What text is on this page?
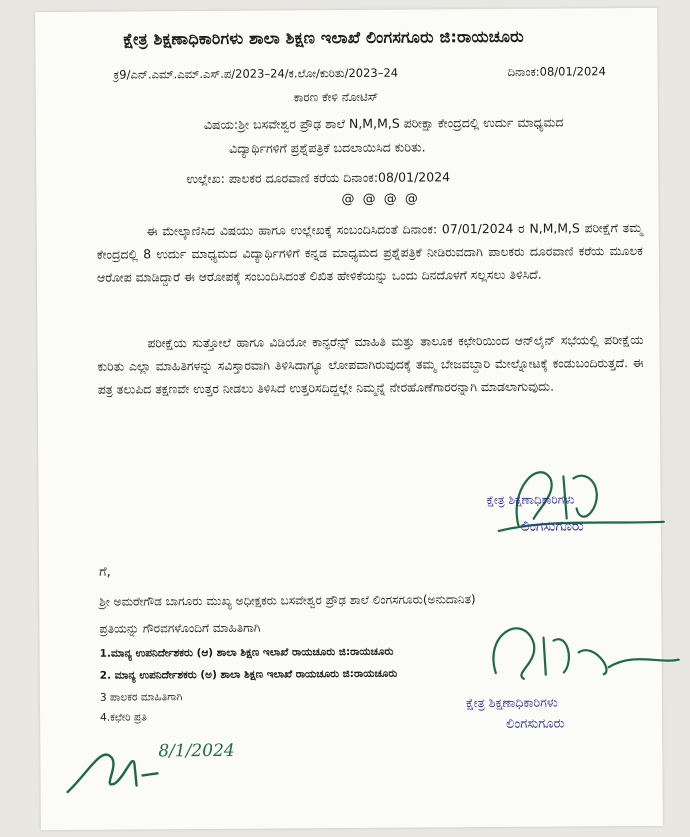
ಕ್ಷೇತ್ರ ಶಿಕ್ಷಣಾಧಿಕಾರಿಗಳು ಶಾಲಾ ಶಿಕ್ಷಣ ಇಲಾಖೆ ಲಿಂಗಸಗೂರು ಜಿ:ರಾಯಚೂರು
ಕ್ರ9/ಎನ್.ಎಮ್.ಎಮ್.ಎಸ್.ಪ/2023–24/ಕ.ಲೋ/ಕುರಿತು/2023–24	ದಿನಾಂಕ:08/01/2024
ಕಾರಣ ಕೇಳಿ ನೋಟಿಸ್
ವಿಷಯ:ಶ್ರೀ ಬಸವೇಶ್ವರ ಪ್ರೌಢ ಶಾಲೆ N,M,M,S ಪರೀಕ್ಷಾ ಕೇಂದ್ರದಲ್ಲಿ ಉರ್ದು ಮಾಧ್ಯಮದ
ವಿದ್ಯಾರ್ಥಿಗಳಿಗೆ ಪ್ರಶ್ನೆಪತ್ರಿಕೆ ಬದಲಾಯಿಸಿದ ಕುರಿತು.
ಉಲ್ಲೇಖ: ಪಾಲಕರ ದೂರವಾಣಿ ಕರೆಯ ದಿನಾಂಕ:08/01/2024
@ @ @ @
ಈ ಮೇಲ್ಕಾಣಿಸಿದ ವಿಷಯು ಹಾಗೂ ಉಲ್ಲೇಖಕ್ಕೆ ಸಂಬಂದಿಸಿದಂತೆ ದಿನಾಂಕ: 07/01/2024 ರ N,M,M,S ಪರೀಕ್ಷೆಗೆ ತಮ್ಮ ಕೇಂದ್ರದಲ್ಲಿ 8 ಉರ್ದು ಮಾಧ್ಯಮದ ವಿದ್ಯಾರ್ಥಿಗಳಿಗೆ ಕನ್ನಡ ಮಾಧ್ಯಮದ ಪ್ರಶ್ನೆಪತ್ರಿಕೆ ನೀಡಿರುವದಾಗಿ ಪಾಲಕರು ದೂರವಾಣಿ ಕರೆಯ ಮೂಲಕ ಆರೋಪ ಮಾಡಿದ್ದಾರೆ ಈ ಆರೋಪಕ್ಕೆ ಸಂಬಂದಿಸಿದಂತೆ ಲಿಖಿತ ಹೇಳಿಕೆಯನ್ನು ಒಂದು ದಿನದೊಳಗೆ ಸಲ್ಲಸಲು ತಿಳಿಸಿದೆ.
ಪರೀಕ್ಷೆಯ ಸುತ್ತೋಲೆ ಹಾಗೂ ವಿಡಿಯೋ ಕಾನ್ಫರೆನ್ಸ್ ಮಾಹಿತಿ ಮತ್ತು ತಾಲೂಕ ಕಛೇರಿಯಿಂದ ಆನ್‌ಲೈನ್ ಸಭೆಯಲ್ಲಿ ಪರೀಕ್ಷೆಯ ಕುರಿತು ಎಲ್ಲಾ ಮಾಹಿತಿಗಳನ್ನು ಸವಿಸ್ತಾರವಾಗಿ ತಿಳಿಸಿದಾಗ್ಯೂ ಲೋಪವಾಗಿರುವುದಕ್ಕೆ ತಮ್ಮ ಬೇಜವಬ್ದಾರಿ ಮೇಲ್ನೋಟಕ್ಕೆ ಕಂಡುಬಂದಿರುತ್ತದೆ. ಈ ಪತ್ರ ತಲುಪಿದ ತಕ್ಷಣವೇ ಉತ್ತರ ನೀಡಲು ತಿಳಿಸಿದೆ ಉತ್ತರಿಸದಿದ್ದಲ್ಲೇ ನಿಮ್ಮನ್ನೆ ನೇರಹೊಣೆಗಾರರನ್ನಾಗಿ ಮಾಡಲಾಗುವುದು.
ಕ್ಷೇತ್ರ ಶಿಕ್ಷಣಾಧಿಕಾರಿಗಳು
ಲಿಂಗಸುಗೂರು
ಗೆ,
ಶ್ರೀ ಅಮರೇಗೌಡ ಬಾಗೂರು ಮುಖ್ಯ ಅಧೀಕ್ಷಕರು ಬಸವೇಶ್ವರ ಪ್ರೌಢ ಶಾಲೆ ಲಿಂಗಸಗೂರು(ಅನುದಾನಿತ)
ಪ್ರತಿಯನ್ನು ಗೌರವಗಳೊಂದಿಗೆ ಮಾಹಿತಿಗಾಗಿ
1.ಮಾನ್ಯ ಉಪನಿರ್ದೇಶಕರು (ಆ) ಶಾಲಾ ಶಿಕ್ಷಣ ಇಲಾಖೆ ರಾಯಚೂರು ಜಿ:ರಾಯಚೂರು
2. ಮಾನ್ಯ ಉಪನಿರ್ದೇಶಕರು (ಅ) ಶಾಲಾ ಶಿಕ್ಷಣ ಇಲಾಖೆ ರಾಯಚೂರು ಜಿ:ರಾಯಚೂರು
3 ಪಾಲಕರ ಮಾಹಿತಿಗಾಗಿ
4.ಕಛೇರಿ ಪ್ರತಿ
ಕ್ಷೇತ್ರ ಶಿಕ್ಷಣಾಧಿಕಾರಿಗಳು
ಲಿಂಗಸುಗೂರು
8/1/2024
